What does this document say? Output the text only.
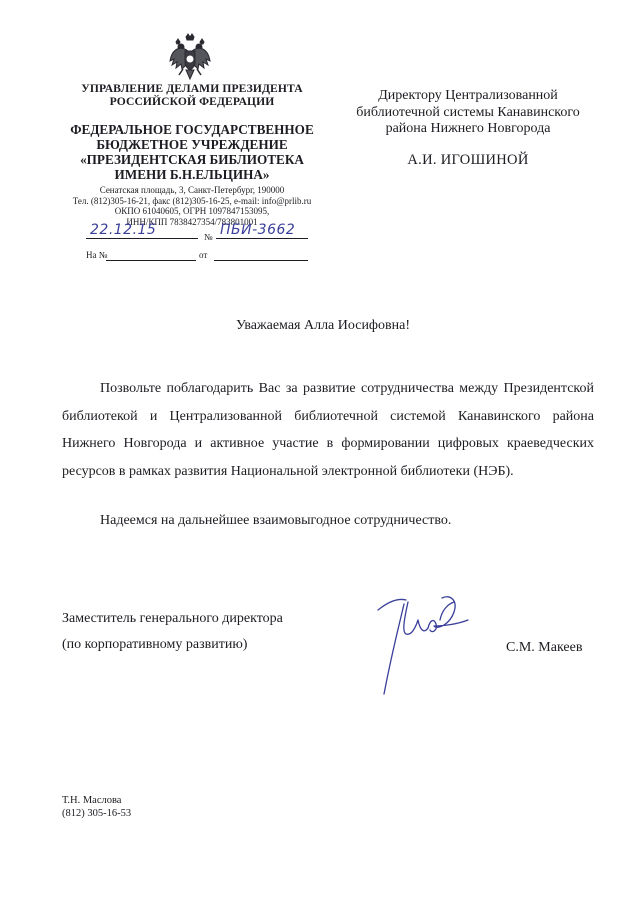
УПРАВЛЕНИЕ ДЕЛАМИ ПРЕЗИДЕНТА
РОССИЙСКОЙ ФЕДЕРАЦИИ
ФЕДЕРАЛЬНОЕ ГОСУДАРСТВЕННОЕ
БЮДЖЕТНОЕ УЧРЕЖДЕНИЕ
«ПРЕЗИДЕНТСКАЯ БИБЛИОТЕКА
ИМЕНИ Б.Н.ЕЛЬЦИНА»
Сенатская площадь, 3, Санкт-Петербург, 190000
Тел. (812)305-16-21, факс (812)305-16-25, e-mail: info@prlib.ru
ОКПО 61040605, ОГРН 1097847153095,
ИНН/КПП 7838427354/783801001
22.12.15	№ ПБИ-3662
На №	от
Директору Централизованной
библиотечной системы Канавинского
района Нижнего Новгорода
А.И. ИГОШИНОЙ
Уважаемая Алла Иосифовна!
Позвольте поблагодарить Вас за развитие сотрудничества между Президентской библиотекой и Централизованной библиотечной системой Канавинского района Нижнего Новгорода и активное участие в формировании цифровых краеведческих ресурсов в рамках развития Национальной электронной библиотеки (НЭБ).
Надеемся на дальнейшее взаимовыгодное сотрудничество.
Заместитель генерального директора
(по корпоративному развитию)	С.М. Макеев
Т.Н. Маслова
(812) 305-16-53
